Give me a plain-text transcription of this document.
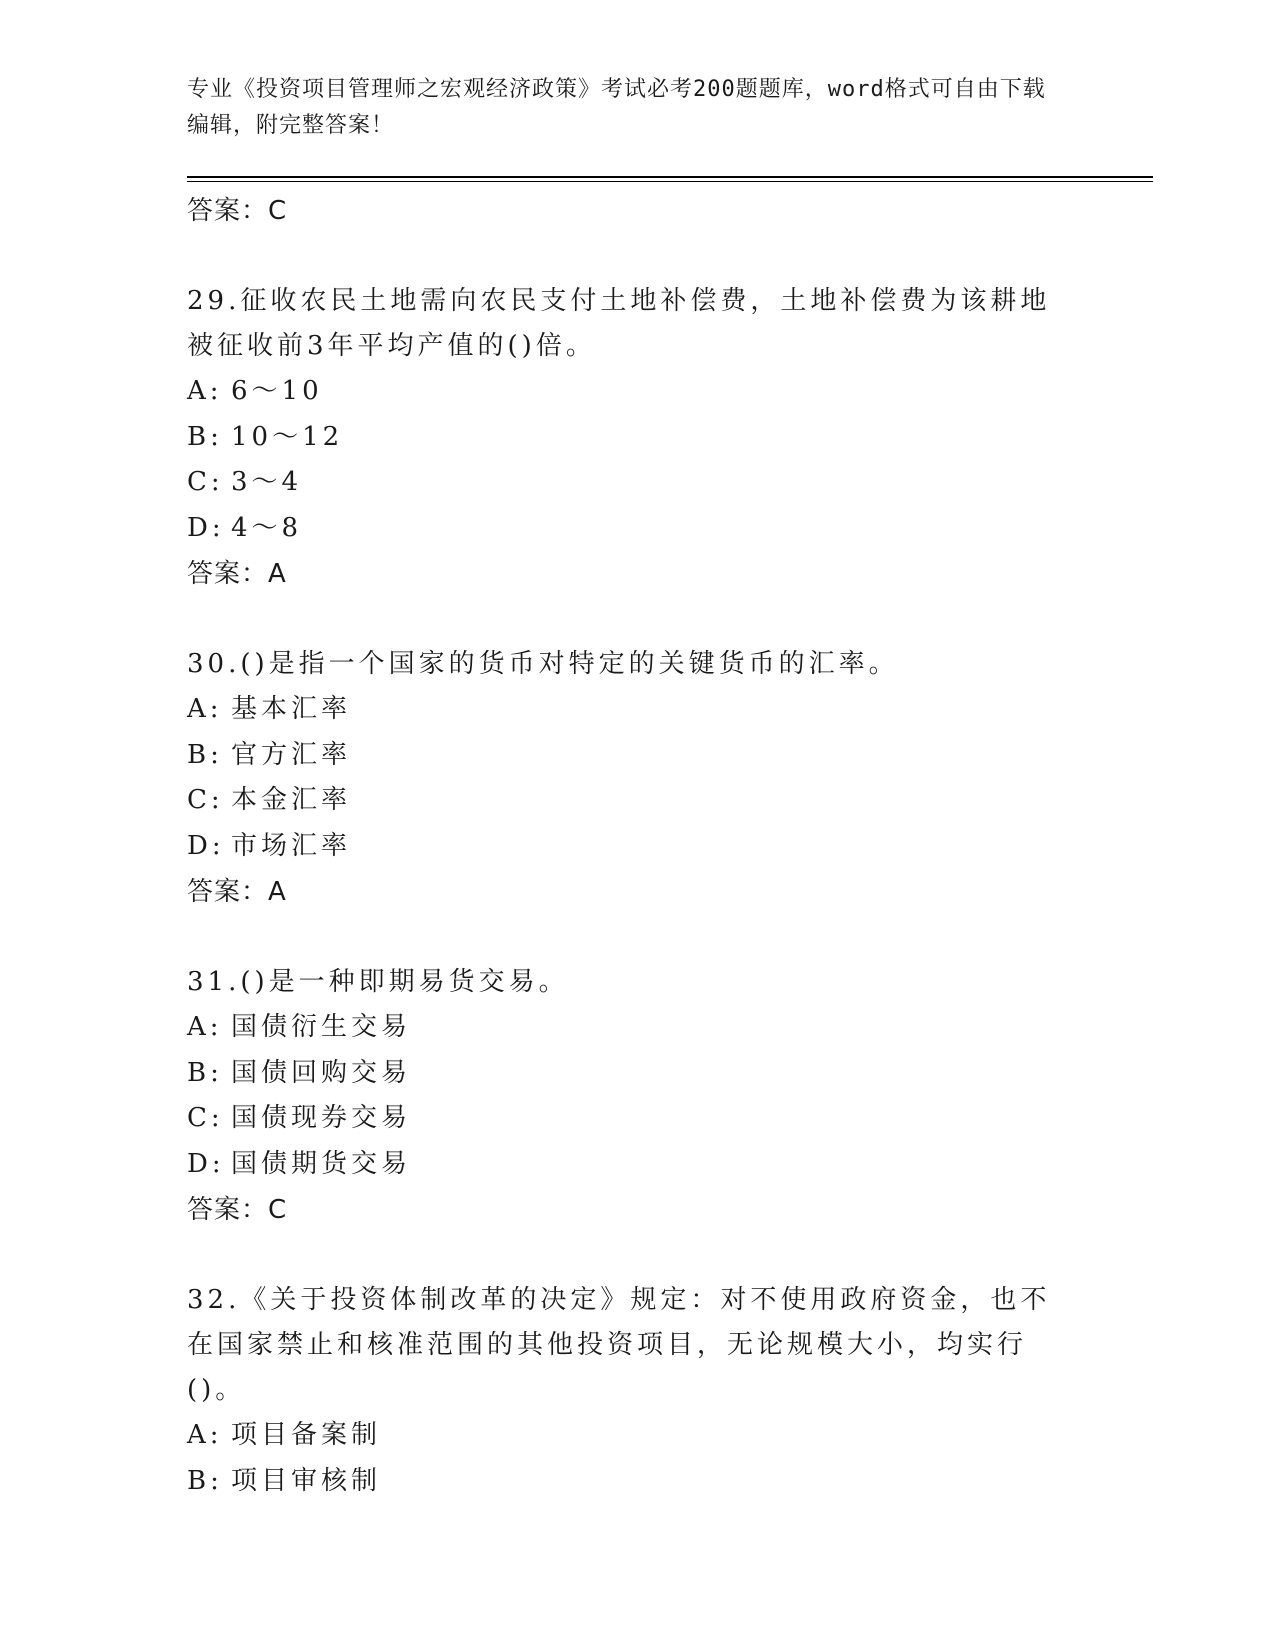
专业《投资项目管理师之宏观经济政策》考试必考200题题库，word格式可自由下载编辑，附完整答案！
答案：C
29.征收农民土地需向农民支付土地补偿费，土地补偿费为该耕地被征收前3年平均产值的()倍。
A: 6～10
B: 10～12
C: 3～4
D: 4～8
答案：A
30.()是指一个国家的货币对特定的关键货币的汇率。
A: 基本汇率
B: 官方汇率
C: 本金汇率
D: 市场汇率
答案：A
31.()是一种即期易货交易。
A: 国债衍生交易
B: 国债回购交易
C: 国债现券交易
D: 国债期货交易
答案：C
32.《关于投资体制改革的决定》规定：对不使用政府资金，也不在国家禁止和核准范围的其他投资项目，无论规模大小，均实行()。
A: 项目备案制
B: 项目审核制
